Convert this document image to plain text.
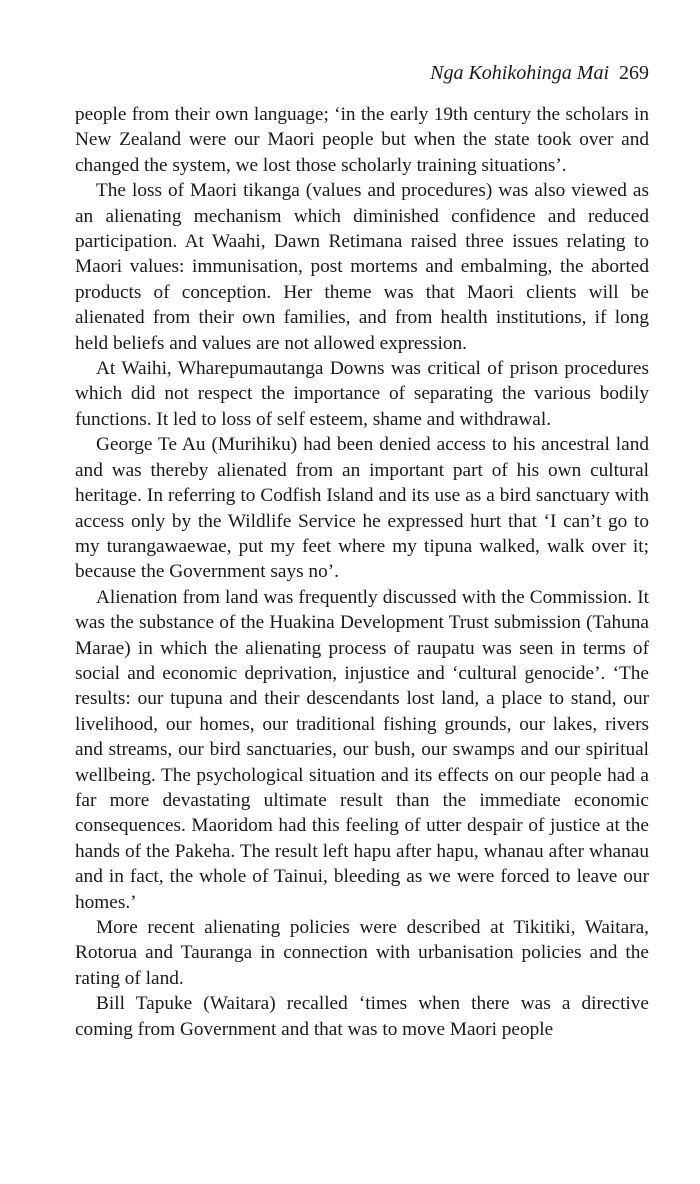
Nga Kohikohinga Mai 269

people from their own language; ‘in the early 19th century the scholars in New Zealand were our Maori people but when the state took over and changed the system, we lost those scholarly training situations’.

The loss of Maori tikanga (values and procedures) was also viewed as an alienating mechanism which diminished confidence and reduced participation. At Waahi, Dawn Retimana raised three issues relating to Maori values: immunisation, post mortems and embalming, the aborted products of conception. Her theme was that Maori clients will be alienated from their own families, and from health institutions, if long held beliefs and values are not allowed expression.

At Waihi, Wharepumautanga Downs was critical of prison procedures which did not respect the importance of separating the various bodily functions. It led to loss of self esteem, shame and withdrawal.

George Te Au (Murihiku) had been denied access to his ancestral land and was thereby alienated from an important part of his own cultural heritage. In referring to Codfish Island and its use as a bird sanctuary with access only by the Wildlife Service he expressed hurt that ‘I can’t go to my turangawaewae, put my feet where my tipuna walked, walk over it; because the Government says no’.

Alienation from land was frequently discussed with the Commission. It was the substance of the Huakina Development Trust submission (Tahuna Marae) in which the alienating process of raupatu was seen in terms of social and economic deprivation, injustice and ‘cultural genocide’. ‘The results: our tupuna and their descendants lost land, a place to stand, our livelihood, our homes, our traditional fishing grounds, our lakes, rivers and streams, our bird sanctuaries, our bush, our swamps and our spiritual wellbeing. The psychological situation and its effects on our people had a far more devastating ultimate result than the immediate economic consequences. Maoridom had this feeling of utter despair of justice at the hands of the Pakeha. The result left hapu after hapu, whanau after whanau and in fact, the whole of Tainui, bleeding as we were forced to leave our homes.’

More recent alienating policies were described at Tikitiki, Waitara, Rotorua and Tauranga in connection with urbanisation policies and the rating of land.

Bill Tapuke (Waitara) recalled ‘times when there was a directive coming from Government and that was to move Maori people
